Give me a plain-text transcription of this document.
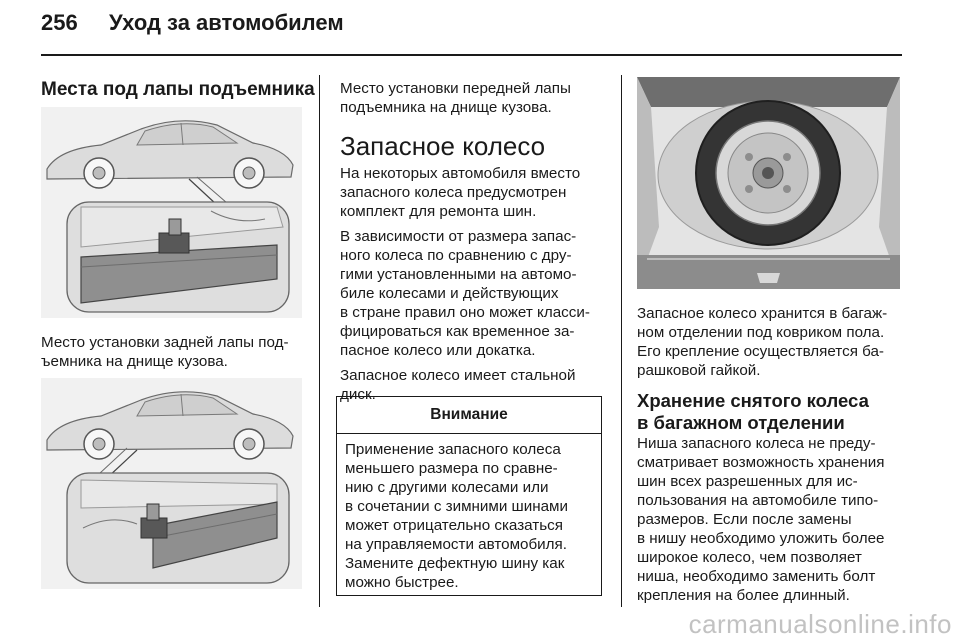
256 Уход за автомобилем
Места под лапы подъемника
Место установки задней лапы под-
ъемника на днище кузова.

Место установки передней лапы

подъемника на днище кузова.

Запасное колесо

На некоторых автомобиля вместо

запасного колеса предусмотрен

комплект для ремонта шин.

В зависимости от размера запас-

ного колеса по сравнению с дру-

гими установленными на автомо-

биле колесами и действующих

в стране правил оно может класси-

фицироваться как временное за-

пасное колесо или докатка.

Запасное колесо имеет стальной

диск.

Внимание

Применение запасного колеса

меньшего размера по сравне-

нию с другими колесами или

в сочетании с зимними шинами

может отрицательно сказаться

на управляемости автомобиля.

Замените дефектную шину как

можно быстрее.

Запасное колесо хранится в багаж-

ном отделении под ковриком пола.

Его крепление осуществляется ба-

рашковой гайкой.

Хранение снятого колеса

в багажном отделении

Ниша запасного колеса не преду-

сматривает возможность хранения

шин всех разрешенных для ис-

пользования на автомобиле типо-

размеров. Если после замены

в нишу необходимо уложить более

широкое колесо, чем позволяет

ниша, необходимо заменить болт

крепления на более длинный.

carmanualsonline.info
